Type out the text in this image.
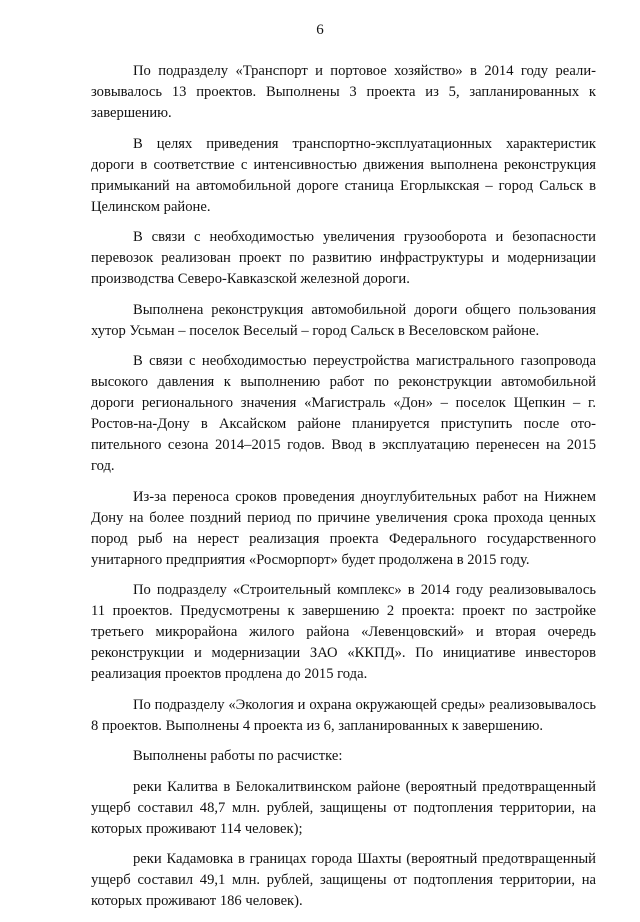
6

По подразделу «Транспорт и портовое хозяйство» в 2014 году реализовывалось 13 проектов. Выполнены 3 проекта из 5, запланированных к завершению.

В целях приведения транспортно-эксплуатационных характеристик дороги в соответствие с интенсивностью движения выполнена реконструкция примыканий на автомобильной дороге станица Егорлыкская – город Сальск в Целинском районе.

В связи с необходимостью увеличения грузооборота и безопасности перевозок реализован проект по развитию инфраструктуры и модернизации производства Северо-Кавказской железной дороги.

Выполнена реконструкция автомобильной дороги общего пользования хутор Усьман – поселок Веселый – город Сальск в Веселовском районе.

В связи с необходимостью переустройства магистрального газопровода высокого давления к выполнению работ по реконструкции автомобильной дороги регионального значения «Магистраль «Дон» – поселок Щепкин – г. Ростов-на-Дону в Аксайском районе планируется приступить после отопительного сезона 2014–2015 годов. Ввод в эксплуатацию перенесен на 2015 год.

Из-за переноса сроков проведения дноуглубительных работ на Нижнем Дону на более поздний период по причине увеличения срока прохода ценных пород рыб на нерест реализация проекта Федерального государственного унитарного предприятия «Росморпорт» будет продолжена в 2015 году.

По подразделу «Строительный комплекс» в 2014 году реализовывалось 11 проектов. Предусмотрены к завершению 2 проекта: проект по застройке третьего микрорайона жилого района «Левенцовский» и вторая очередь реконструкции и модернизации ЗАО «ККПД». По инициативе инвесторов реализация проектов продлена до 2015 года.

По подразделу «Экология и охрана окружающей среды» реализовывалось 8 проектов. Выполнены 4 проекта из 6, запланированных к завершению.

Выполнены работы по расчистке:

реки Калитва в Белокалитвинском районе (вероятный предотвращенный ущерб составил 48,7 млн. рублей, защищены от подтопления территории, на которых проживают 114 человек);

реки Кадамовка в границах города Шахты (вероятный предотвращенный ущерб составил 49,1 млн. рублей, защищены от подтопления территории, на которых проживают 186 человек).
